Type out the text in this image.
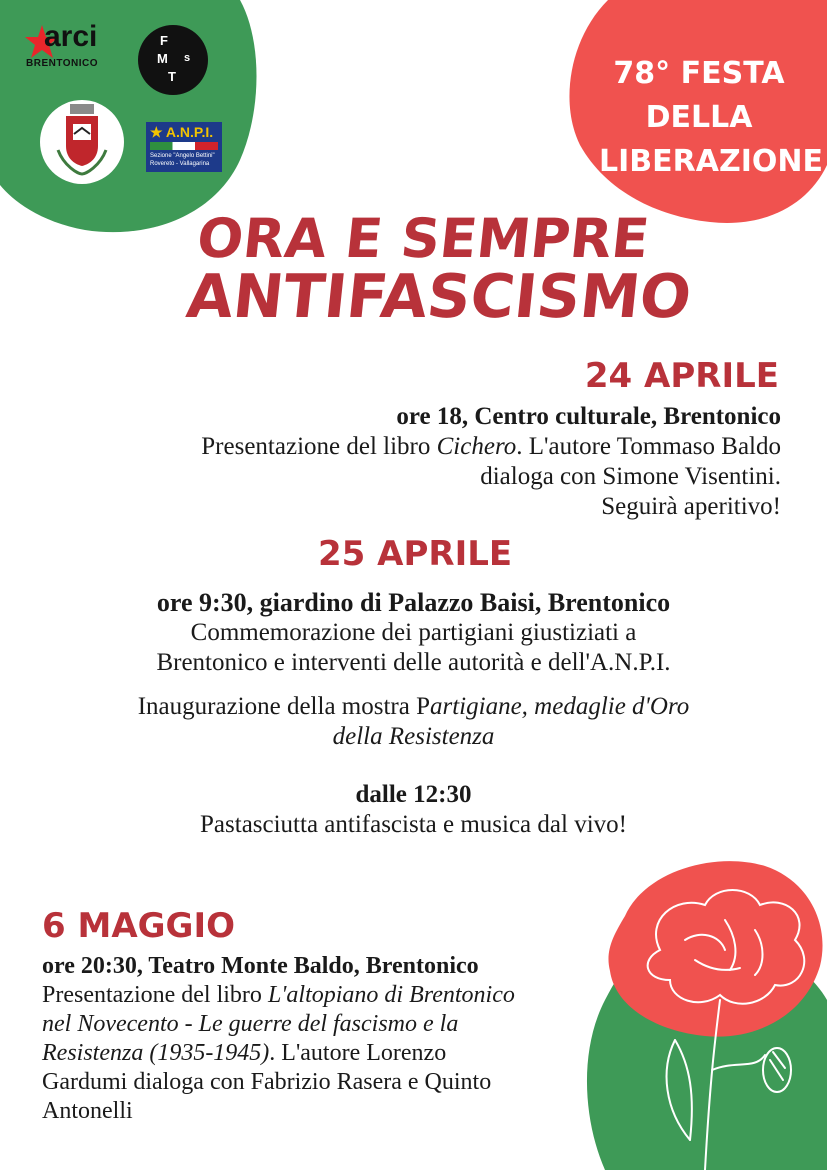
arci
BRENTONICO
F
M s
T
★ A.N.P.I.
Sezione "Angelo Bettini"
Rovereto - Vallagarina
78° FESTA
DELLA
LIBERAZIONE
ORA E SEMPRE
ANTIFASCISMO
24 APRILE
ore 18, Centro culturale, Brentonico
Presentazione del libro Cichero. L'autore Tommaso Baldo
dialoga con Simone Visentini.
Seguirà aperitivo!
25 APRILE
ore 9:30, giardino di Palazzo Baisi, Brentonico
Commemorazione dei partigiani giustiziati a
Brentonico e interventi delle autorità e dell'A.N.P.I.
Inaugurazione della mostra Partigiane, medaglie d'Oro
della Resistenza
dalle 12:30
Pastasciutta antifascista e musica dal vivo!
6 MAGGIO
ore 20:30, Teatro Monte Baldo, Brentonico
Presentazione del libro L'altopiano di Brentonico
nel Novecento - Le guerre del fascismo e la
Resistenza (1935-1945). L'autore Lorenzo
Gardumi dialoga con Fabrizio Rasera e Quinto
Antonelli
